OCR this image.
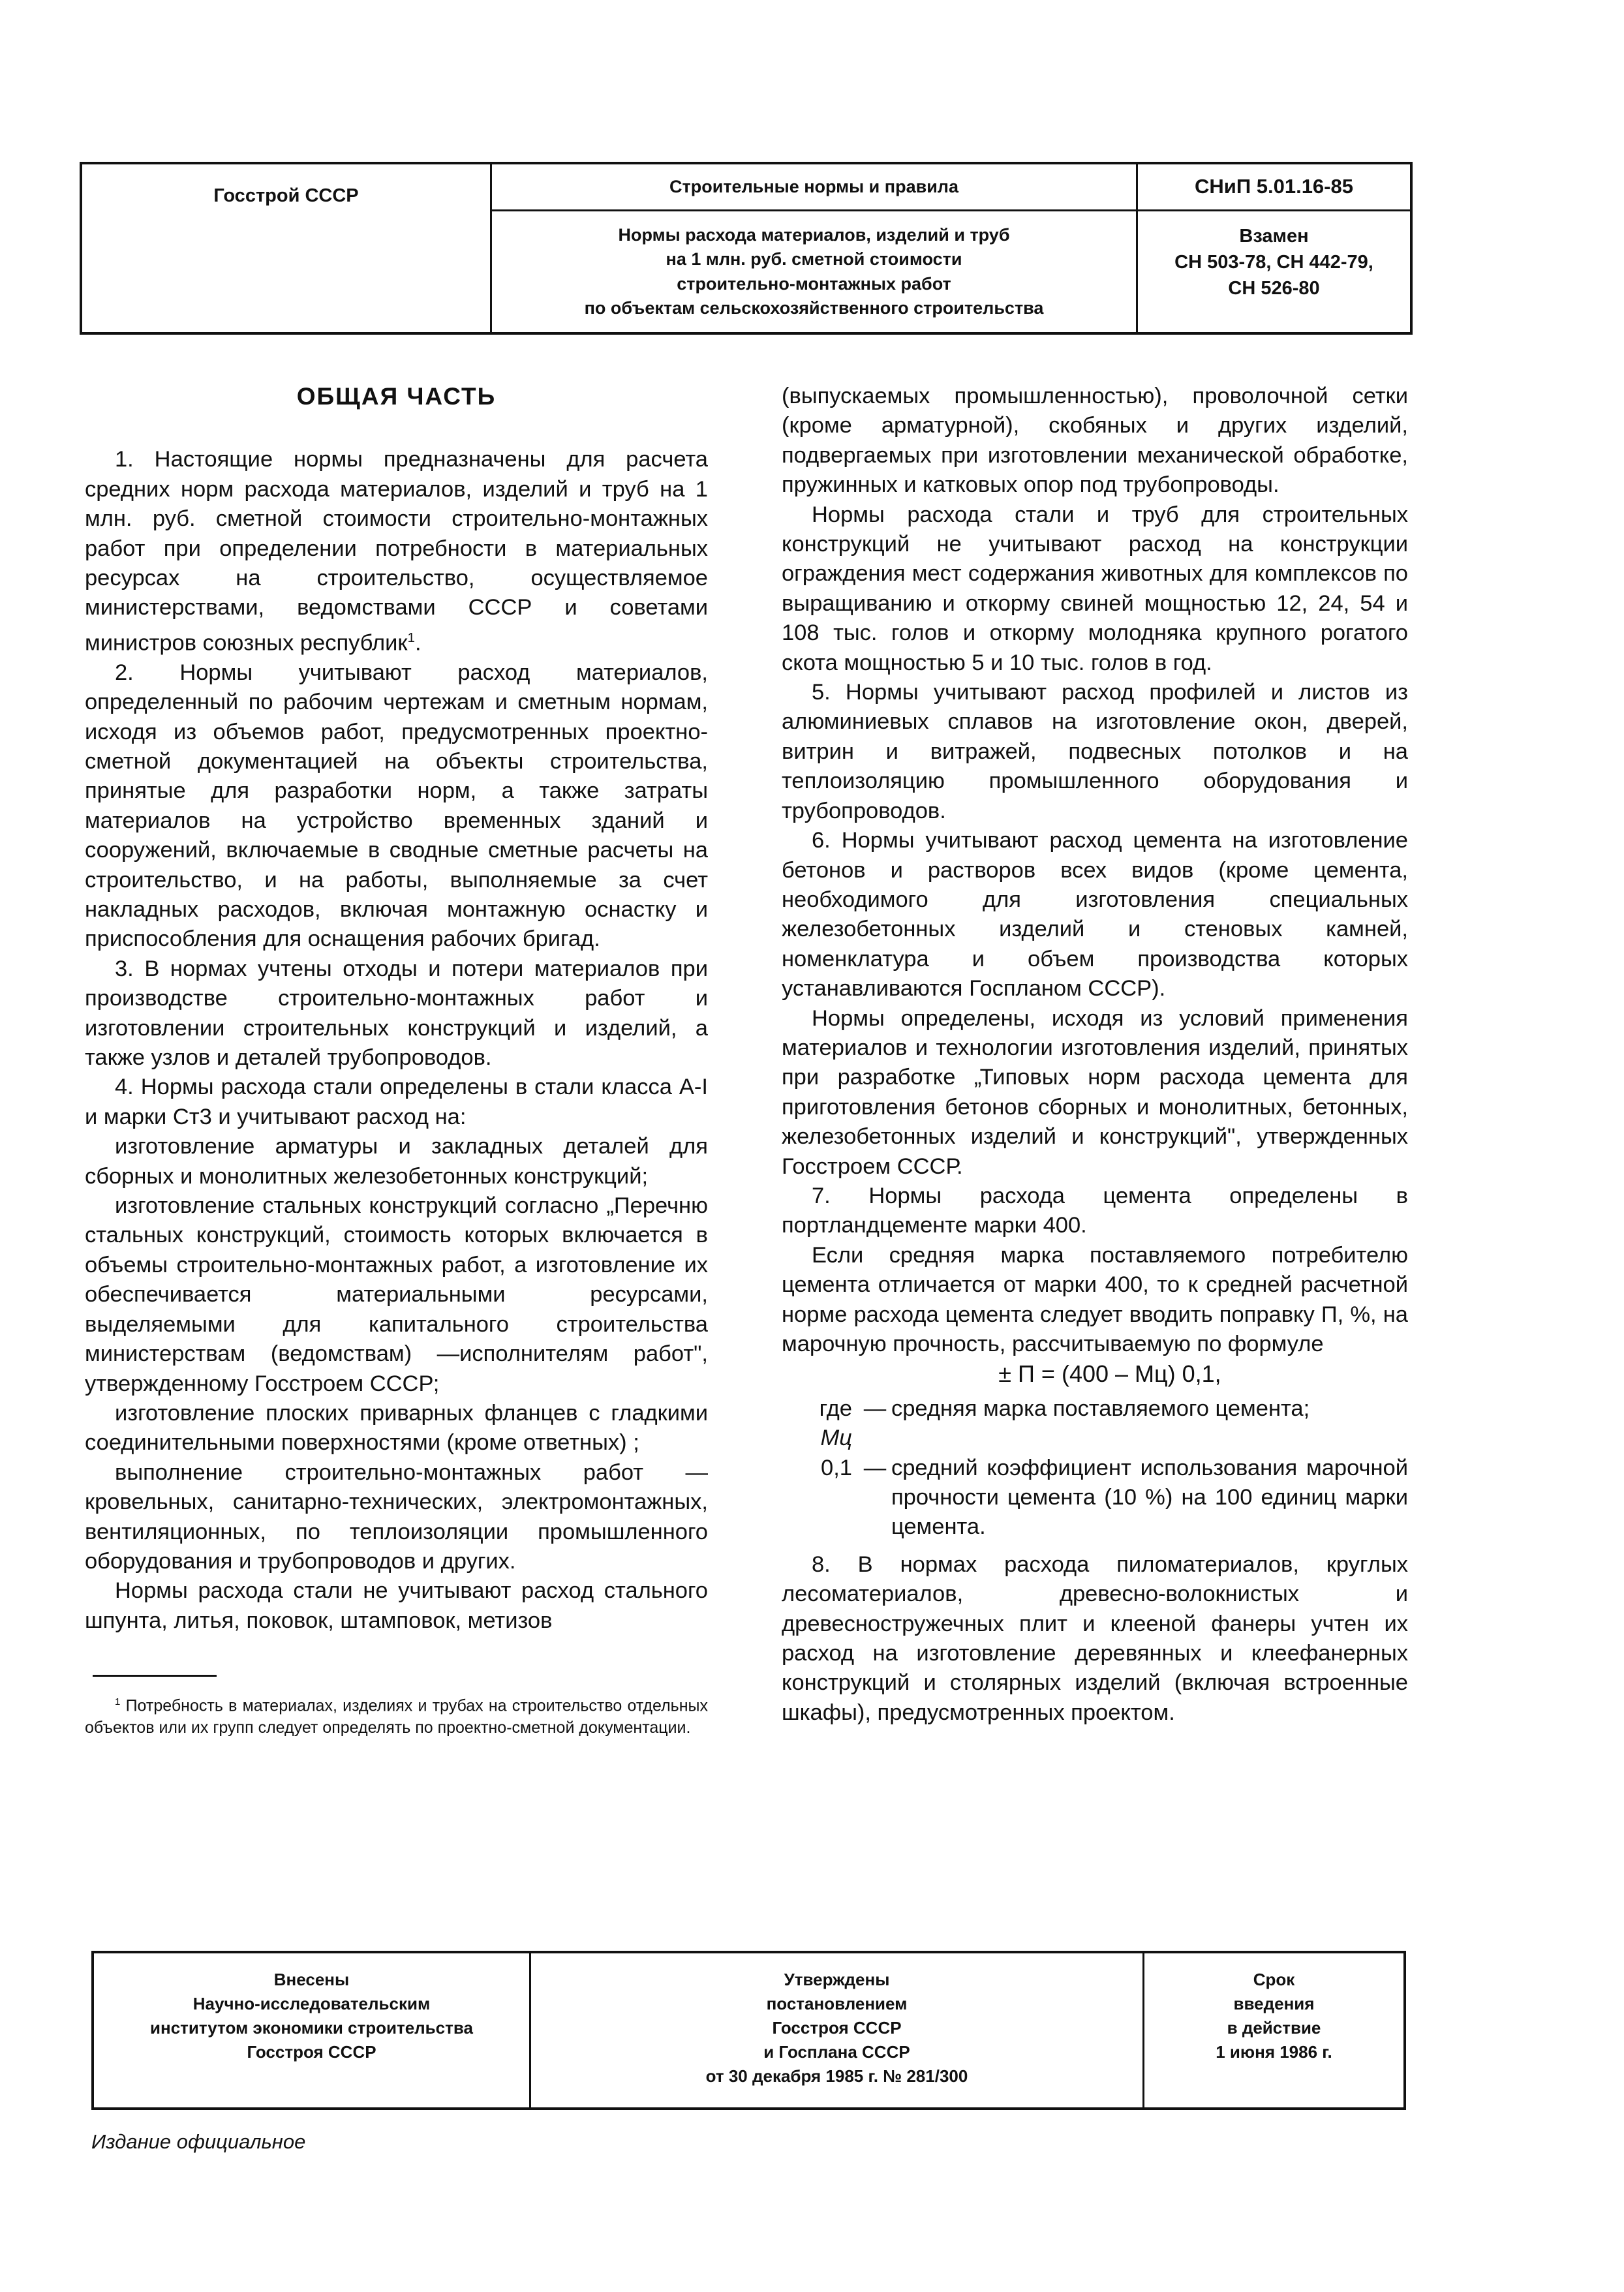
Госстрой СССР	Строительные нормы и правила	СНиП 5.01.16-85
Нормы расхода материалов, изделий и труб
на 1 млн. руб. сметной стоимости
строительно-монтажных работ
по объектам сельскохозяйственного строительства
Взамен
СН 503-78, СН 442-79,
СН 526-80

ОБЩАЯ ЧАСТЬ

1. Настоящие нормы предназначены для расчета средних норм расхода материалов, изделий и труб на 1 млн. руб. сметной стоимости строительно-монтажных работ при определении потребности в материальных ресурсах на строительство, осуществляемое министерствами, ведомствами СССР и советами министров союзных республик$^1$.

2. Нормы учитывают расход материалов, определенный по рабочим чертежам и сметным нормам, исходя из объемов работ, предусмотренных проектно-сметной документацией на объекты строительства, принятые для разработки норм, а также затраты материалов на устройство временных зданий и сооружений, включаемые в сводные сметные расчеты на строительство, и на работы, выполняемые за счет накладных расходов, включая монтажную оснастку и приспособления для оснащения рабочих бригад.

3. В нормах учтены отходы и потери материалов при производстве строительно-монтажных работ и изготовлении строительных конструкций и изделий, а также узлов и деталей трубопроводов.

4. Нормы расхода стали определены в стали класса А-I и марки Ст3 и учитывают расход на:

изготовление арматуры и закладных деталей для сборных и монолитных железобетонных конструкций;

изготовление стальных конструкций согласно „Перечню стальных конструкций, стоимость которых включается в объемы строительно-монтажных работ, а изготовление их обеспечивается материальными ресурсами, выделяемыми для капитального строительства министерствам (ведомствам) —исполнителям работ", утвержденному Госстроем СССР;

изготовление плоских приварных фланцев с гладкими соединительными поверхностями (кроме ответных) ;

выполнение строительно-монтажных работ — кровельных, санитарно-технических, электромонтажных, вентиляционных, по теплоизоляции промышленного оборудования и трубопроводов и других.

Нормы расхода стали не учитывают расход стального шпунта, литья, поковок, штамповок, метизов

$^1$ Потребность в материалах, изделиях и трубах на строительство отдельных объектов или их групп следует определять по проектно-сметной документации.

(выпускаемых промышленностью), проволочной сетки (кроме арматурной), скобяных и других изделий, подвергаемых при изготовлении механической обработке, пружинных и катковых опор под трубопроводы.

Нормы расхода стали и труб для строительных конструкций не учитывают расход на конструкции ограждения мест содержания животных для комплексов по выращиванию и откорму свиней мощностью 12, 24, 54 и 108 тыс. голов и откорму молодняка крупного рогатого скота мощностью 5 и 10 тыс. голов в год.

5. Нормы учитывают расход профилей и листов из алюминиевых сплавов на изготовление окон, дверей, витрин и витражей, подвесных потолков и на теплоизоляцию промышленного оборудования и трубопроводов.

6. Нормы учитывают расход цемента на изготовление бетонов и растворов всех видов (кроме цемента, необходимого для изготовления специальных железобетонных изделий и стеновых камней, номенклатура и объем производства которых устанавливаются Госпланом СССР).

Нормы определены, исходя из условий применения материалов и технологии изготовления изделий, принятых при разработке „Типовых норм расхода цемента для приготовления бетонов сборных и монолитных, бетонных, железобетонных изделий и конструкций", утвержденных Госстроем СССР.

7. Нормы расхода цемента определены в портландцементе марки 400.

Если средняя марка поставляемого потребителю цемента отличается от марки 400, то к средней расчетной норме расхода цемента следует вводить поправку П, %, на марочную прочность, рассчитываемую по формуле

± П = (400 – Мц) 0,1,

где Мц
— средняя марка поставляемого цемента;
0,1 — средний коэффициент использования марочной прочности цемента (10 %) на 100 единиц марки цемента.

8. В нормах расхода пиломатериалов, круглых лесоматериалов, древесно-волокнистых и древесностружечных плит и клееной фанеры учтен их расход на изготовление деревянных и клеефанерных конструкций и столярных изделий (включая встроенные шкафы), предусмотренных проектом.

Внесены
Научно-исследовательским
институтом экономики строительства
Госстроя СССР
Утверждены
постановлением
Госстроя СССР
и Госплана СССР
от 30 декабря 1985 г. № 281/300
Срок
введения
в действие
1 июня 1986 г.
Издание официальное
